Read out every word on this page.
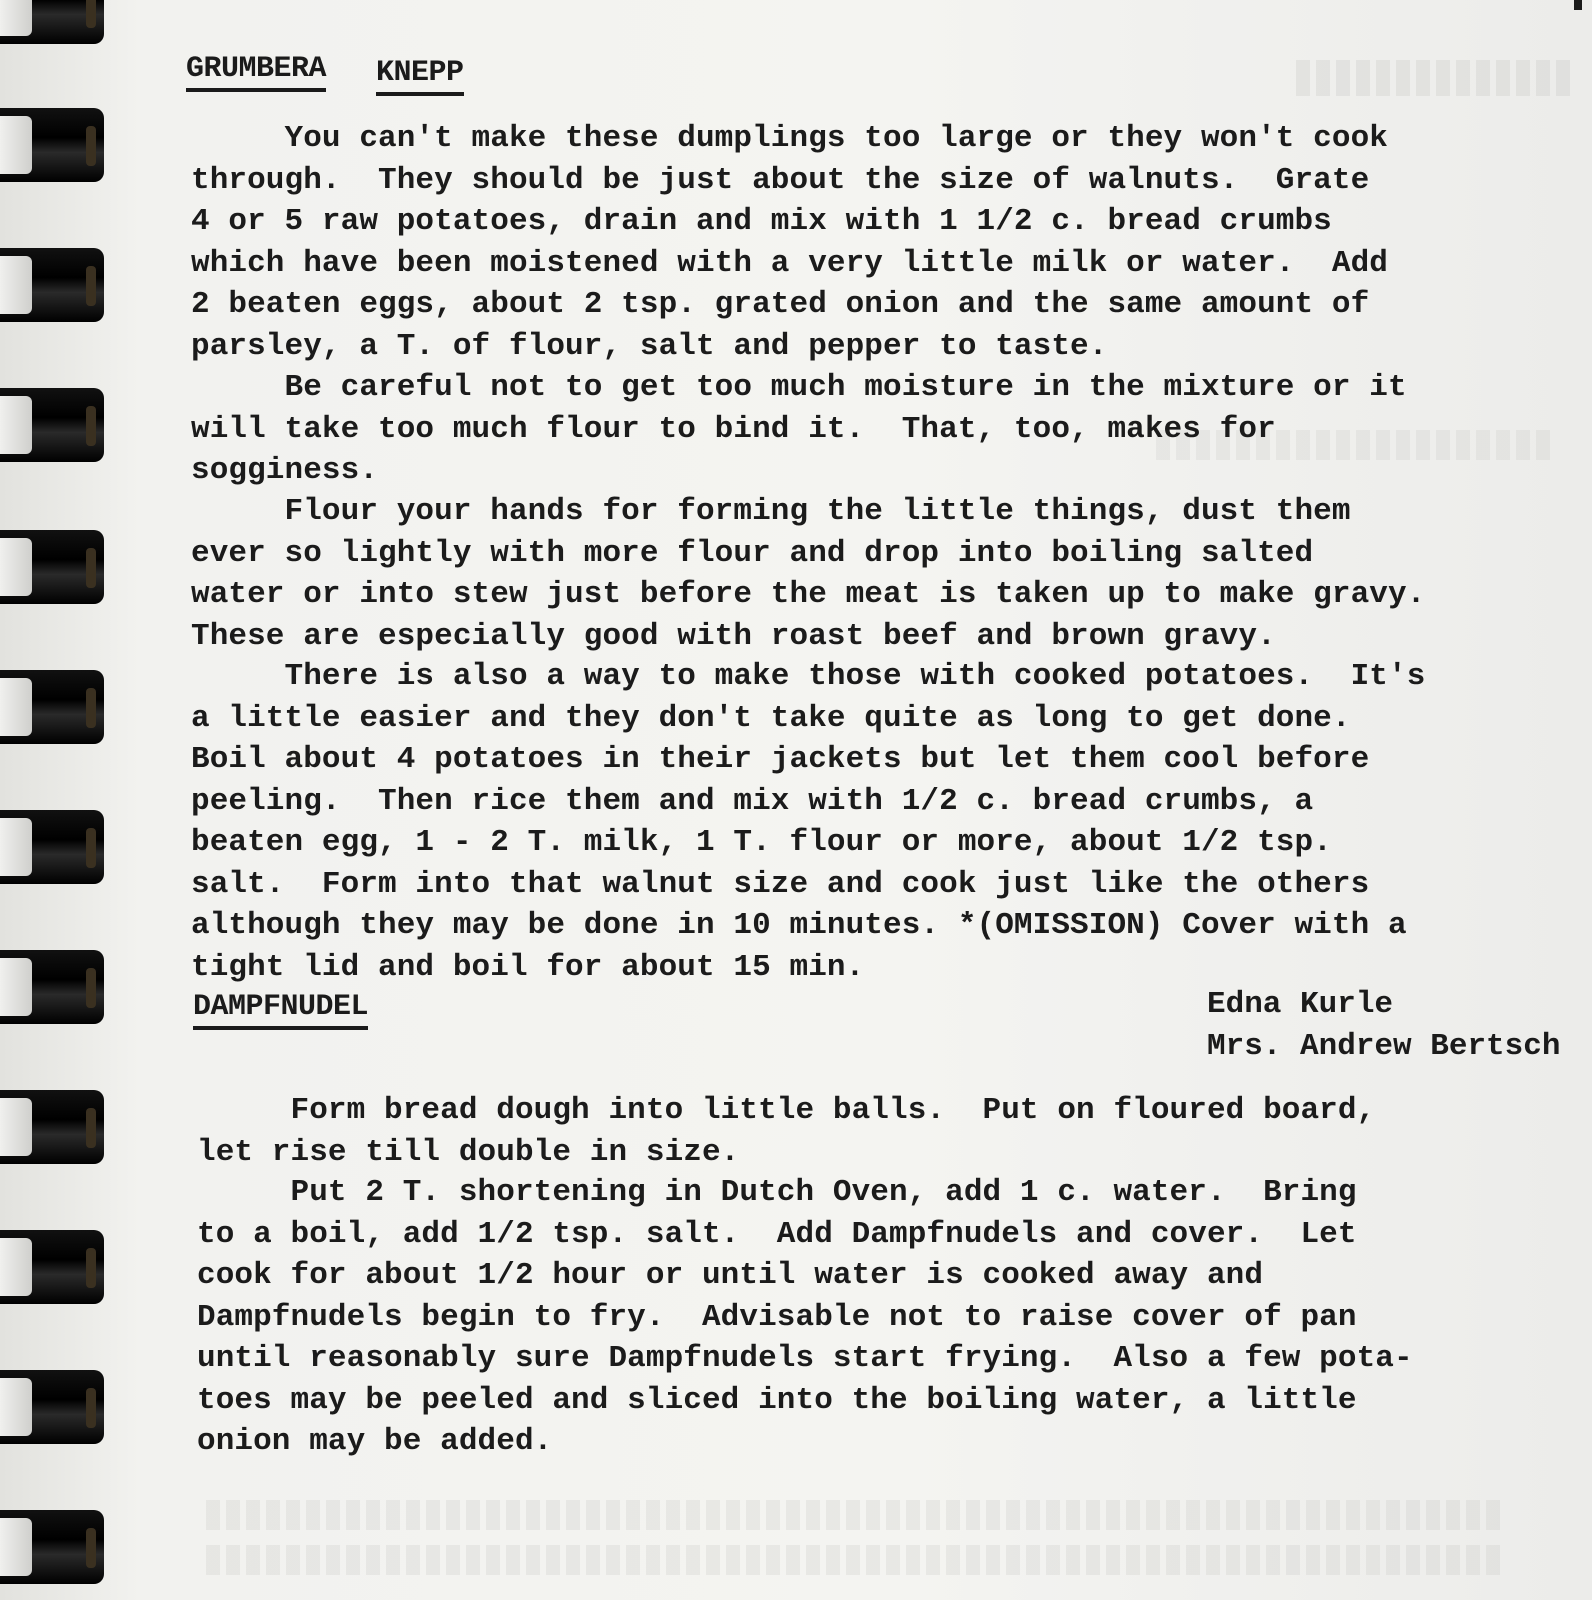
GRUMBERA KNEPP
You can't make these dumplings too large or they won't cook
through.  They should be just about the size of walnuts.  Grate
4 or 5 raw potatoes, drain and mix with 1 1/2 c. bread crumbs
which have been moistened with a very little milk or water.  Add
2 beaten eggs, about 2 tsp. grated onion and the same amount of
parsley, a T. of flour, salt and pepper to taste.
Be careful not to get too much moisture in the mixture or it
will take too much flour to bind it.  That, too, makes for
sogginess.
Flour your hands for forming the little things, dust them
ever so lightly with more flour and drop into boiling salted
water or into stew just before the meat is taken up to make gravy.
These are especially good with roast beef and brown gravy.
There is also a way to make those with cooked potatoes.  It's
a little easier and they don't take quite as long to get done.
Boil about 4 potatoes in their jackets but let them cool before
peeling.  Then rice them and mix with 1/2 c. bread crumbs, a
beaten egg, 1 - 2 T. milk, 1 T. flour or more, about 1/2 tsp.
salt.  Form into that walnut size and cook just like the others
although they may be done in 10 minutes. *(OMISSION) Cover with a
tight lid and boil for about 15 min.
DAMPFNUDEL	Edna Kurle
Mrs. Andrew Bertsch
Form bread dough into little balls.  Put on floured board,
let rise till double in size.
Put 2 T. shortening in Dutch Oven, add 1 c. water.  Bring
to a boil, add 1/2 tsp. salt.  Add Dampfnudels and cover.  Let
cook for about 1/2 hour or until water is cooked away and
Dampfnudels begin to fry.  Advisable not to raise cover of pan
until reasonably sure Dampfnudels start frying.  Also a few pota-
toes may be peeled and sliced into the boiling water, a little
onion may be added.
